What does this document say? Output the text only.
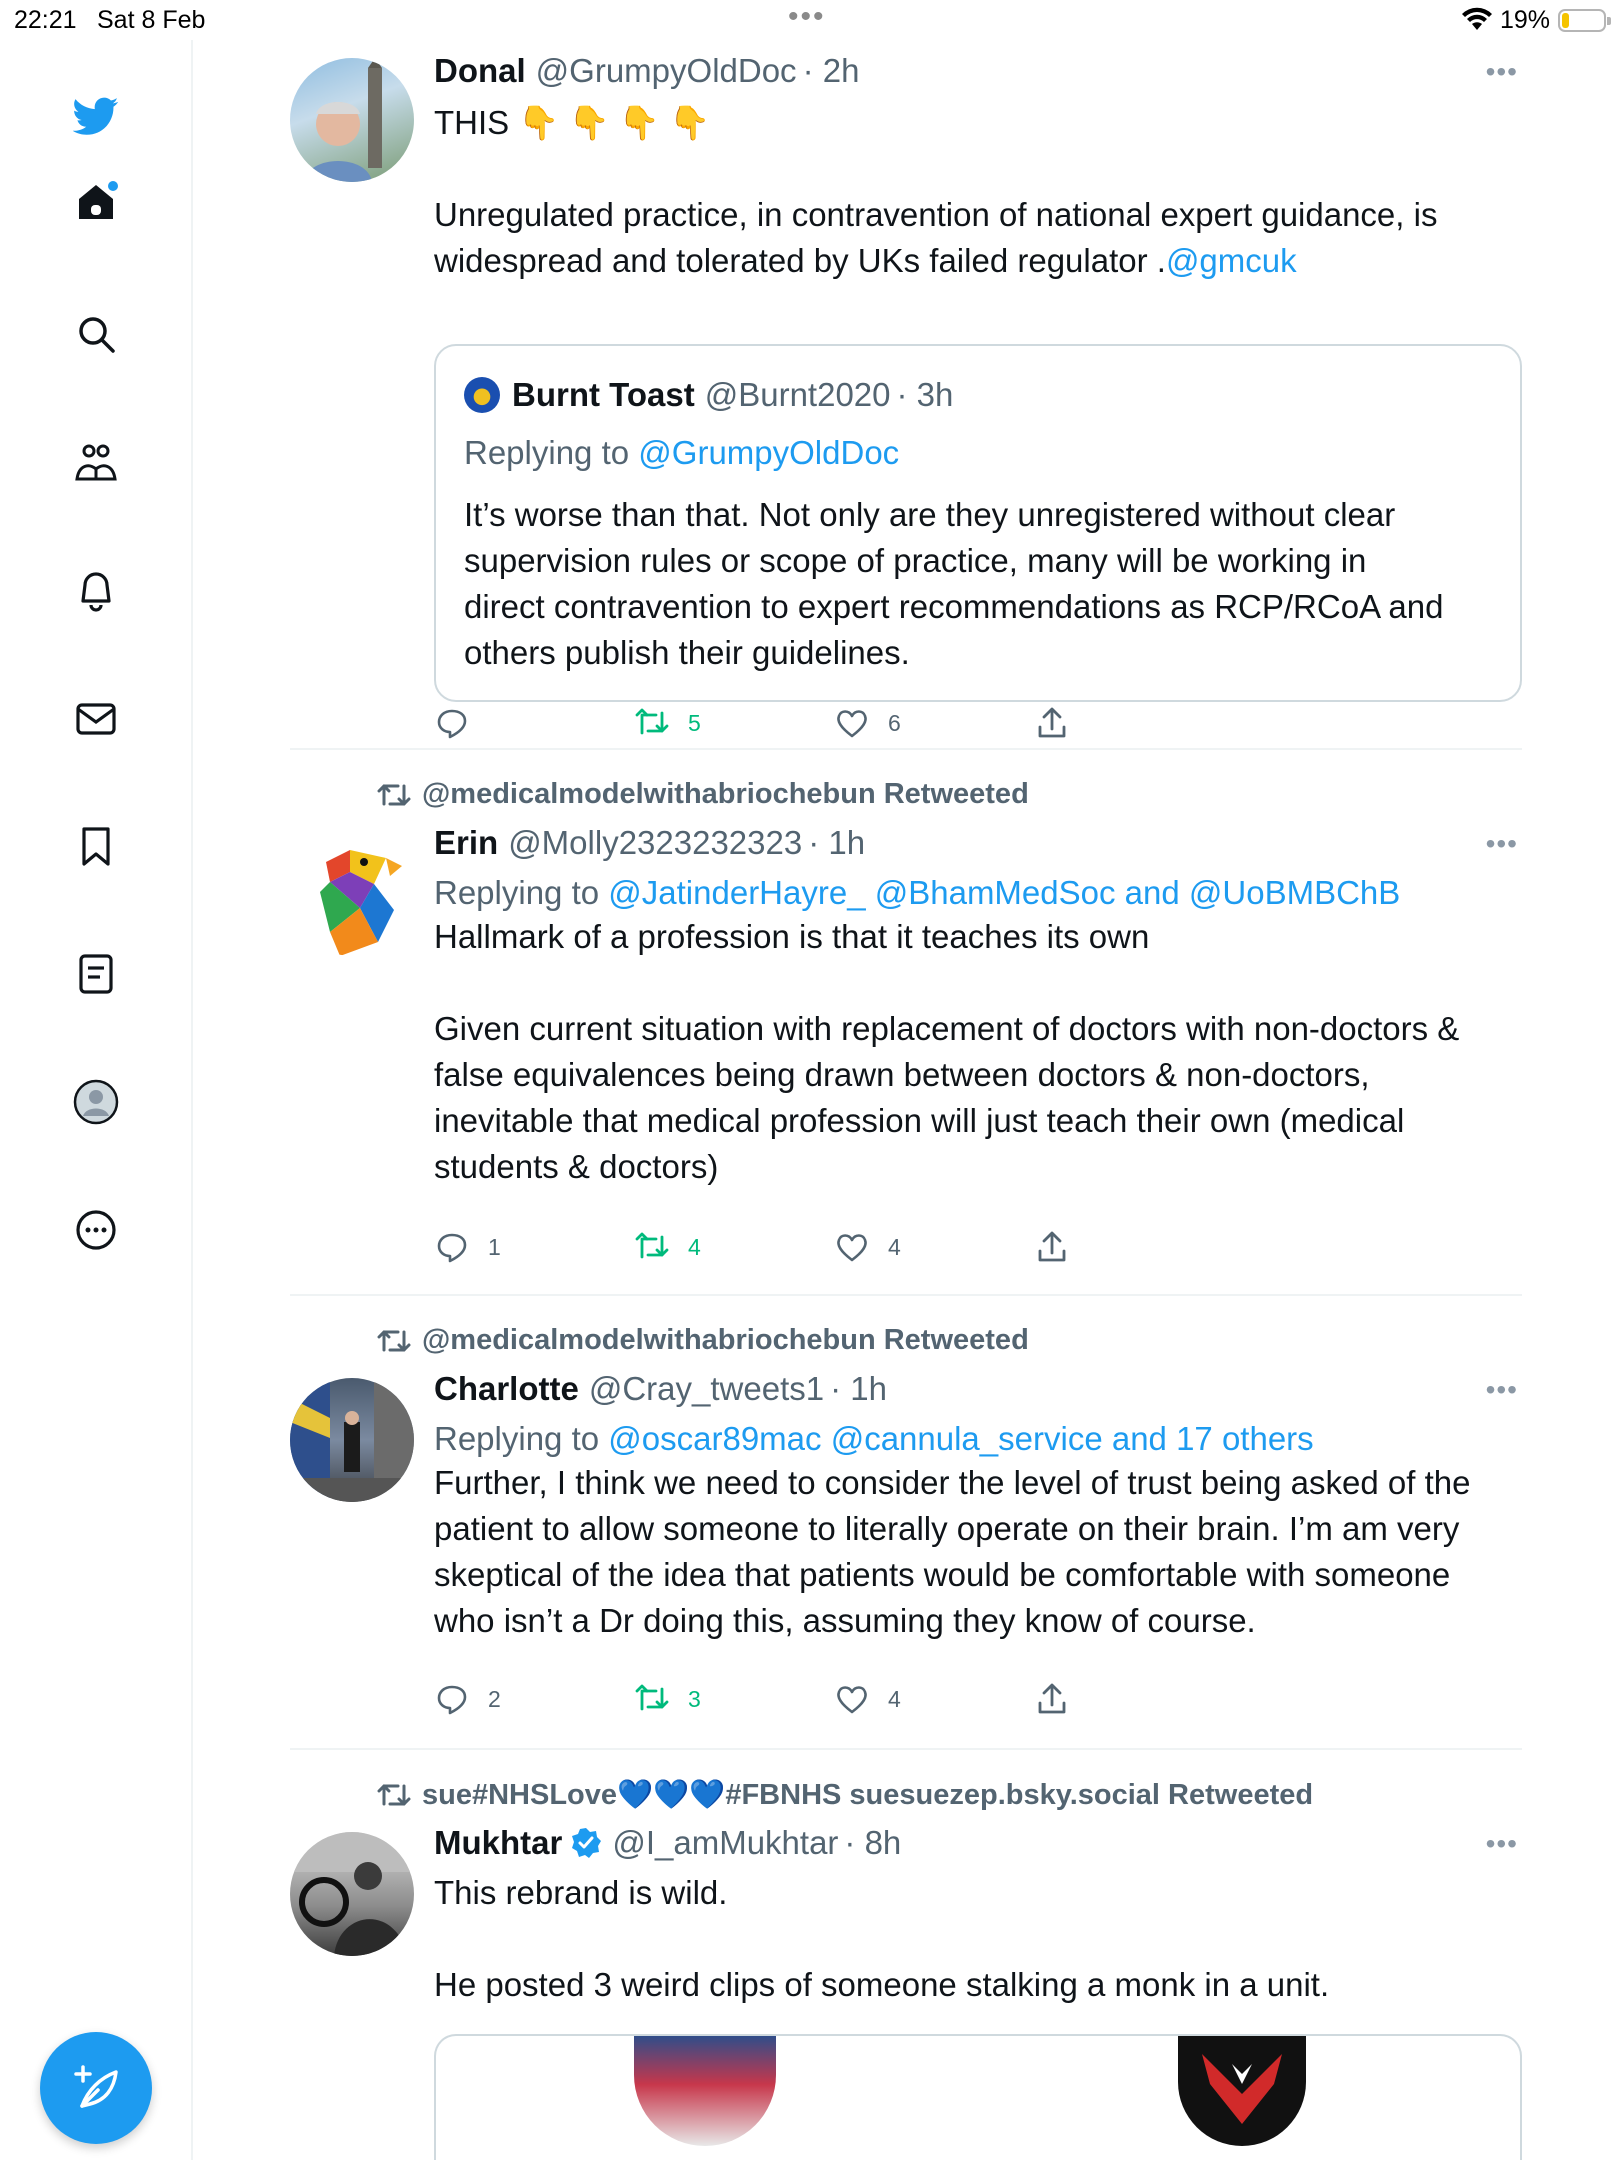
22:21 Sat 8 Feb	•••	19%
Donal @GrumpyOldDoc · 2h	•••

THIS 👇 👇 👇 👇

Unregulated practice, in contravention of national expert guidance, is

widespread and tolerated by UKs failed regulator .@gmcuk

Burnt Toast @Burnt2020 · 3h
Replying to @GrumpyOldDoc

It’s worse than that. Not only are they unregistered without clear

supervision rules or scope of practice, many will be working in

direct contravention to expert recommendations as RCP/RCoA and

others publish their guidelines.

5	6
@medicalmodelwithabriochebun Retweeted
Erin @Molly2323232323 · 1h	•••
Replying to @JatinderHayre_ @BhamMedSoc and @UoBMBChB

Hallmark of a profession is that it teaches its own

Given current situation with replacement of doctors with non-doctors &

false equivalences being drawn between doctors & non-doctors,

inevitable that medical profession will just teach their own (medical

students & doctors)

1	4	4
@medicalmodelwithabriochebun Retweeted
Charlotte @Cray_tweets1 · 1h	•••
Replying to @oscar89mac @cannula_service and 17 others

Further, I think we need to consider the level of trust being asked of the

patient to allow someone to literally operate on their brain. I’m am very

skeptical of the idea that patients would be comfortable with someone

who isn’t a Dr doing this, assuming they know of course.

2	3	4
sue#NHSLove💙💙💙#FBNHS suesuezep.bsky.social Retweeted
Mukhtar @I_amMukhtar · 8h	•••

This rebrand is wild.

He posted 3 weird clips of someone stalking a monk in a unit.
